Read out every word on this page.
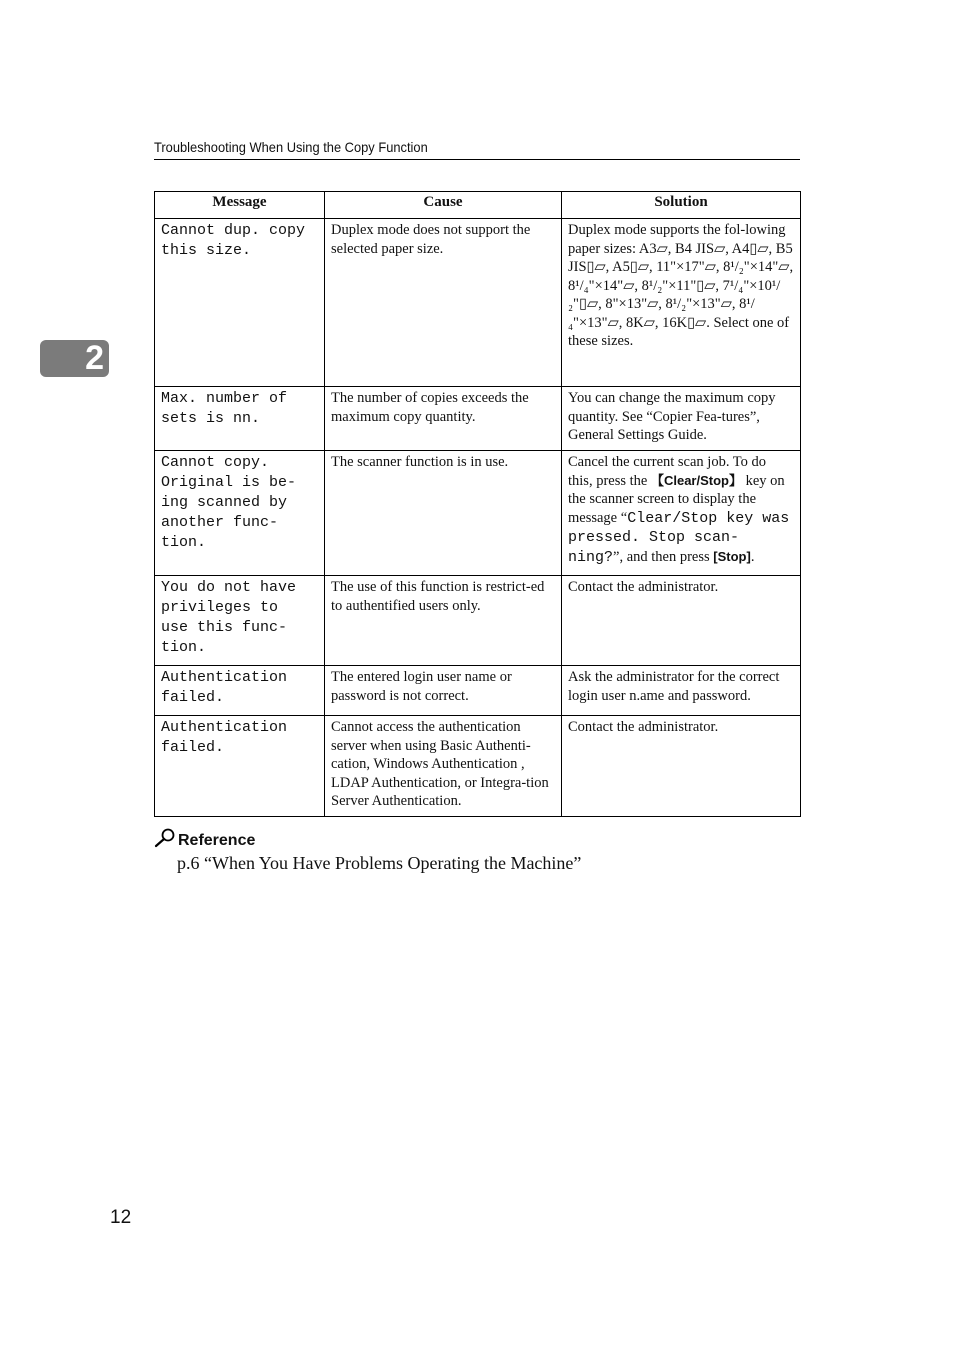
Troubleshooting When Using the Copy Function
2
Message	Cause	Solution
Cannot dup. copy
this size.	Duplex mode does not support the selected paper size.	Duplex mode supports the fol-lowing paper sizes: A3▱, B4 JIS▱, A4▯▱, B5 JIS▯▱, A5▯▱, 11"×17"▱, 8¹/₂"×14"▱, 8¹/₄"×14"▱, 8¹/₂"×11"▯▱, 7¹/₄"×10¹/₂"▯▱, 8"×13"▱, 8¹/₂"×13"▱, 8¹/₄"×13"▱, 8K▱, 16K▯▱. Select one of these sizes.
Max. number of
sets is nn.	The number of copies exceeds the maximum copy quantity.	You can change the maximum copy quantity. See “Copier Fea-tures”, General Settings Guide.
Cannot copy.
Original is be-
ing scanned by
another func-
tion.	The scanner function is in use.	Cancel the current scan job. To do this, press the 【Clear/Stop】 key on the scanner screen to display the message “Clear/Stop key was pressed. Stop scan-ning?”, and then press [Stop].
You do not have
privileges to
use this func-
tion.	The use of this function is restrict-ed to authentified users only.	Contact the administrator.
Authentication
failed.	The entered login user name or password is not correct.	Ask the administrator for the correct login user n.ame and password.
Authentication
failed.	Cannot access the authentication server when using Basic Authenti-cation, Windows Authentication , LDAP Authentication, or Integra-tion Server Authentication.	Contact the administrator.
Reference
p.6 “When You Have Problems Operating the Machine”
12
